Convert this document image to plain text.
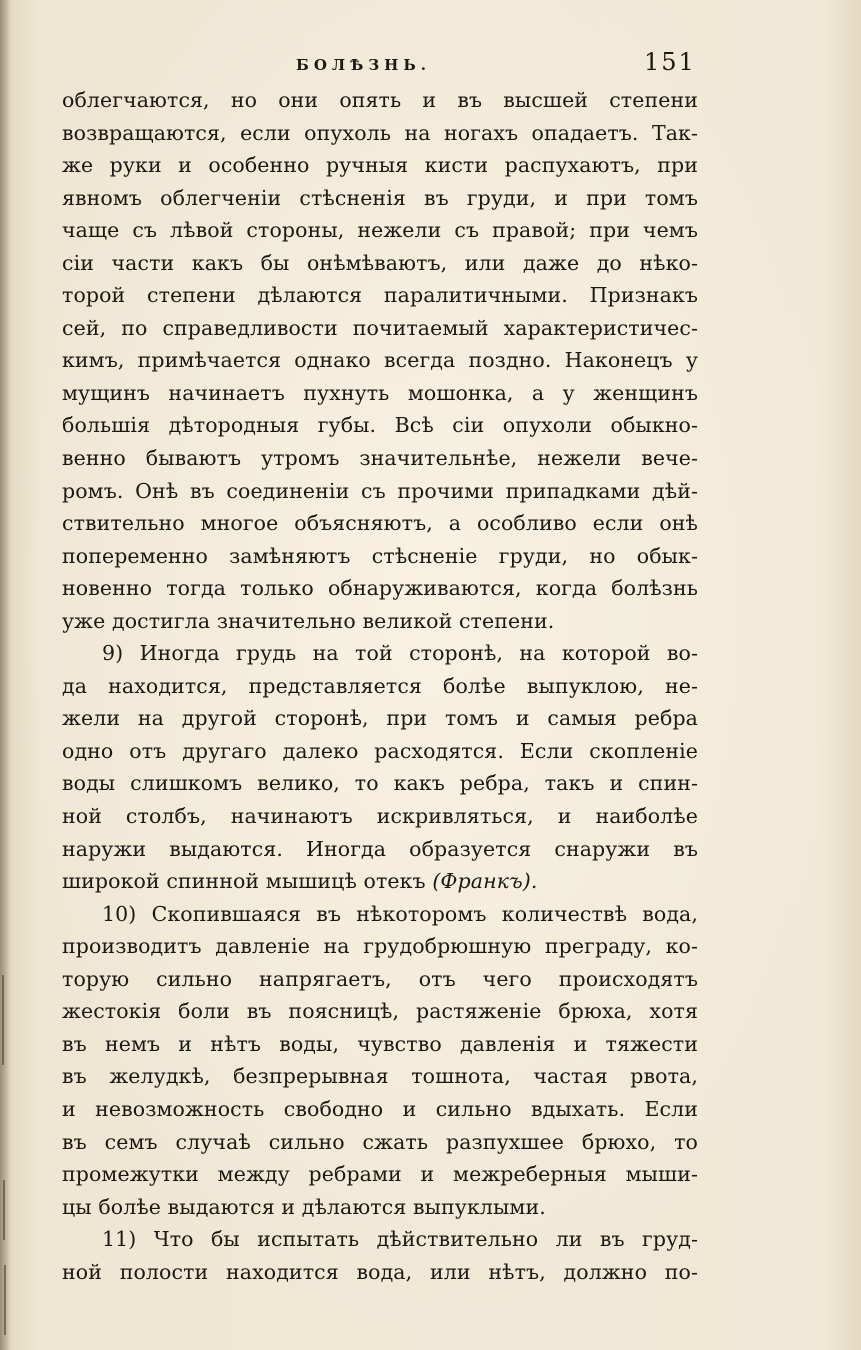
БОЛѢЗНЬ.	151
облегчаются, но они опять и въ высшей степени
возвращаются, если опухоль на ногахъ опадаетъ. Так-
же руки и особенно ручныя кисти распухаютъ, при
явномъ облегченіи стѣсненія въ груди, и при томъ
чаще съ лѣвой стороны, нежели съ правой; при чемъ
сіи части какъ бы онѣмѣваютъ, или даже до нѣко-
торой степени дѣлаются паралитичными. Признакъ
сей, по справедливости почитаемый характеристичес-
кимъ, примѣчается однако всегда поздно. Наконецъ у
мущинъ начинаетъ пухнуть мошонка, а у женщинъ
большія дѣтородныя губы. Всѣ сіи опухоли обыкно-
венно бываютъ утромъ значительнѣе, нежели вече-
ромъ. Онѣ въ соединеніи съ прочими припадками дѣй-
ствительно многое объясняютъ, а особливо если онѣ
попеременно замѣняютъ стѣсненіе груди, но обык-
новенно тогда только обнаруживаются, когда болѣзнь
уже достигла значительно великой степени.
9) Иногда грудь на той сторонѣ, на которой во-
да находится, представляется болѣе выпуклою, не-
жели на другой сторонѣ, при томъ и самыя ребра
одно отъ другаго далеко расходятся. Если скопленіе
воды слишкомъ велико, то какъ ребра, такъ и спин-
ной столбъ, начинаютъ искривляться, и наиболѣе
наружи выдаются. Иногда образуется снаружи въ
широкой спинной мышицѣ отекъ (Франкъ).
10) Скопившаяся въ нѣкоторомъ количествѣ вода,
производитъ давленіе на грудобрюшную преграду, ко-
торую сильно напрягаетъ, отъ чего происходятъ
жестокія боли въ поясницѣ, растяженіе брюха, хотя
въ немъ и нѣтъ воды, чувство давленія и тяжести
въ желудкѣ, безпрерывная тошнота, частая рвота,
и невозможность свободно и сильно вдыхать. Если
въ семъ случаѣ сильно сжать разпухшее брюхо, то
промежутки между ребрами и межреберныя мыши-
цы болѣе выдаются и дѣлаются выпуклыми.
11) Что бы испытать дѣйствительно ли въ груд-
ной полости находится вода, или нѣтъ, должно по-
